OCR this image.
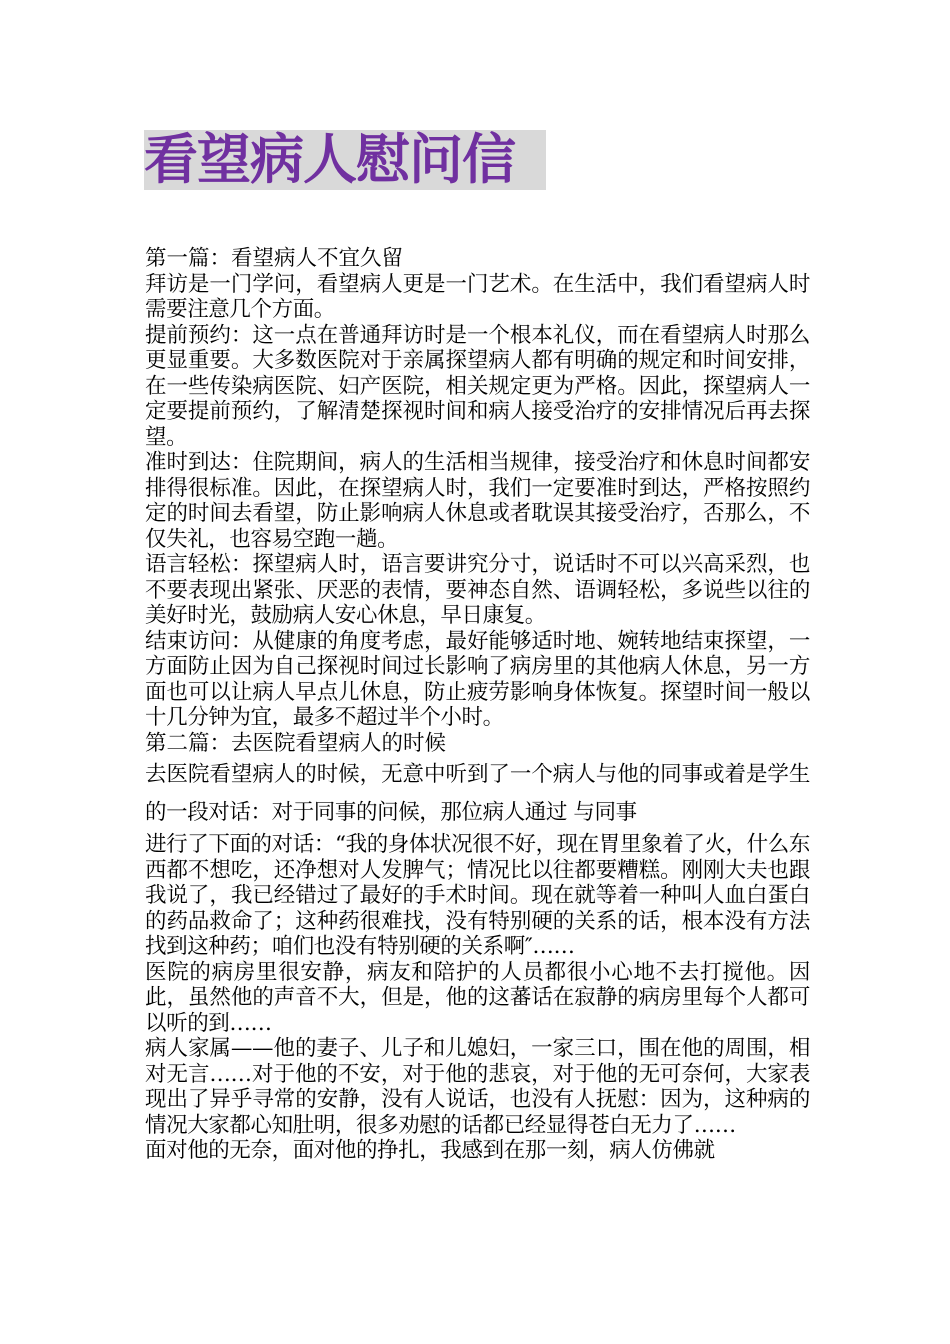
看望病人慰问信

第一篇：看望病人不宜久留

拜访是一门学问，看望病人更是一门艺术。在生活中，我们看望病人时需要注意几个方面。

提前预约：这一点在普通拜访时是一个根本礼仪，而在看望病人时那么更显重要。大多数医院对于亲属探望病人都有明确的规定和时间安排，在一些传染病医院、妇产医院，相关规定更为严格。因此，探望病人一定要提前预约，了解清楚探视时间和病人接受治疗的安排情况后再去探望。

准时到达：住院期间，病人的生活相当规律，接受治疗和休息时间都安排得很标准。因此，在探望病人时，我们一定要准时到达，严格按照约定的时间去看望，防止影响病人休息或者耽误其接受治疗，否那么，不仅失礼，也容易空跑一趟。

语言轻松：探望病人时，语言要讲究分寸，说话时不可以兴高采烈，也不要表现出紧张、厌恶的表情，要神态自然、语调轻松，多说些以往的美好时光，鼓励病人安心休息，早日康复。

结束访问：从健康的角度考虑，最好能够适时地、婉转地结束探望，一方面防止因为自己探视时间过长影响了病房里的其他病人休息，另一方面也可以让病人早点儿休息，防止疲劳影响身体恢复。探望时间一般以十几分钟为宜，最多不超过半个小时。

第二篇：去医院看望病人的时候

去医院看望病人的时候，无意中听到了一个病人与他的同事或着是学生的一段对话：对于同事的问候，那位病人通过 与同事

进行了下面的对话：“我的身体状况很不好，现在胃里象着了火，什么东西都不想吃，还净想对人发脾气；情况比以往都要糟糕。刚刚大夫也跟我说了，我已经错过了最好的手术时间。现在就等着一种叫人血白蛋白的药品救命了；这种药很难找，没有特别硬的关系的话，根本没有方法找到这种药；咱们也没有特别硬的关系啊″……

医院的病房里很安静，病友和陪护的人员都很小心地不去打搅他。因此，虽然他的声音不大，但是，他的这蕃话在寂静的病房里每个人都可以听的到……

病人家属——他的妻子、儿子和儿媳妇，一家三口，围在他的周围，相对无言……对于他的不安，对于他的悲哀，对于他的无可奈何，大家表现出了异乎寻常的安静，没有人说话，也没有人抚慰：因为，这种病的情况大家都心知肚明，很多劝慰的话都已经显得苍白无力了……

面对他的无奈，面对他的挣扎，我感到在那一刻，病人仿佛就
